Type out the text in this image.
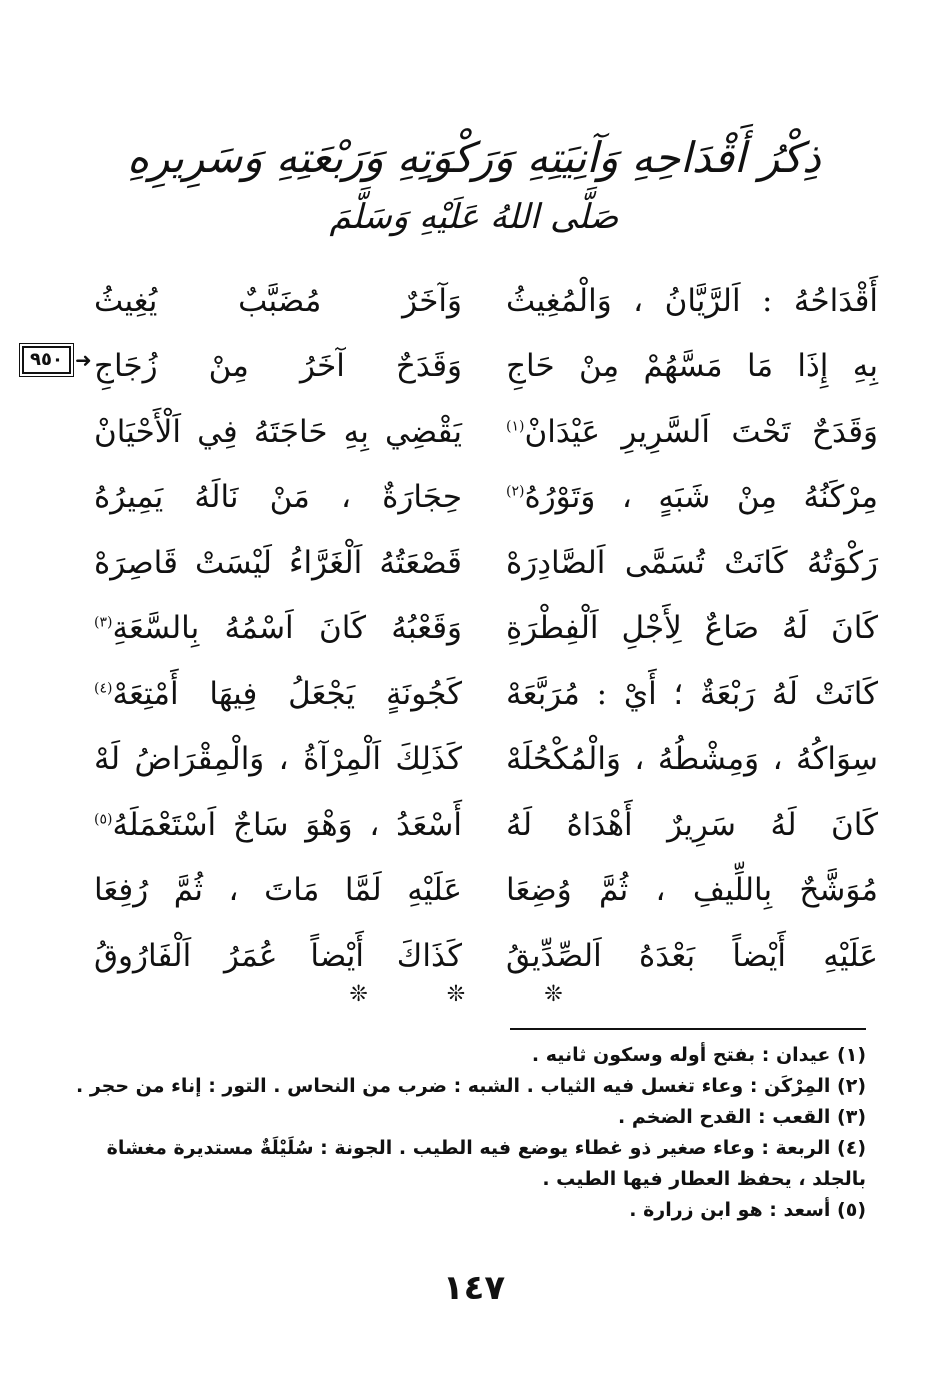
ذِكْرُ أَقْدَاحِهِ وَآنِيَتِهِ وَرَكْوَتِهِ وَرَبْعَتِهِ وَسَرِيرِهِ
صَلَّى اللهُ عَلَيْهِ وَسَلَّمَ
٩٥٠ ➜
أَقْدَاحُهُ : اَلرَّيَّانُ ، وَالْمُغِيثُ
وَآخَرٌ مُضَبَّبٌ يُغِيثُ
بِهِ إِذَا مَا مَسَّهُمْ مِنْ حَاجِ
وَقَدَحٌ آخَرُ مِنْ زُجَاجِ
وَقَدَحٌ تَحْتَ اَلسَّرِيرِ عَيْدَانْ$^{(١)}$
يَقْضِي بِهِ حَاجَتَهُ فِي اَلْأَحْيَانْ
مِرْكَنُهُ مِنْ شَبَهٍ ، وَتَوْرُهُ$^{(٢)}$
حِجَارَةٌ ، مَنْ نَالَهُ يَمِيرُهُ
رَكْوَتُهُ كَانَتْ تُسَمَّى اَلصَّادِرَهْ
قَصْعَتُهُ اَلْغَرَّاءُ لَيْسَتْ قَاصِرَهْ
كَانَ لَهُ صَاعٌ لِأَجْلِ اَلْفِطْرَةِ
وَقَعْبُهُ كَانَ اَسْمُهُ بِالسَّعَةِ$^{(٣)}$
كَانَتْ لَهُ رَبْعَةٌ ؛ أَيْ : مُرَبَّعَهْ
كَجُونَةٍ يَجْعَلُ فِيهَا أَمْتِعَهْ$^{(٤)}$
سِوَاكُهُ ، وَمِشْطُهُ ، وَالْمُكْحُلَهْ
كَذَلِكَ اَلْمِرْآةُ ، وَالْمِقْرَاضُ لَهْ
كَانَ لَهُ سَرِيرٌ أَهْدَاهُ لَهُ
أَسْعَدُ ، وَهْوَ سَاجٌ اَسْتَعْمَلَهُ$^{(٥)}$
مُوَشَّحٌ بِاللِّيفِ ، ثُمَّ وُضِعَا
عَلَيْهِ لَمَّا مَاتَ ، ثُمَّ رُفِعَا
عَلَيْهِ أَيْضاً بَعْدَهُ اَلصِّدِّيقُ
كَذَاكَ أَيْضاً عُمَرُ اَلْفَارُوقُ
❊ ❊ ❊

(١) عيدان : بفتح أوله وسكون ثانيه .

(٢) المِرْكَن : وعاء تغسل فيه الثياب . الشبه : ضرب من النحاس . التور : إناء من حجر .

(٣) القعب : القدح الضخم .

(٤) الربعة : وعاء صغير ذو غطاء يوضع فيه الطيب . الجونة : سُلَيْلَةٌ مستديرة مغشاة بالجلد ، يحفظ العطار فيها الطيب .

(٥) أسعد : هو ابن زرارة .

١٤٧
